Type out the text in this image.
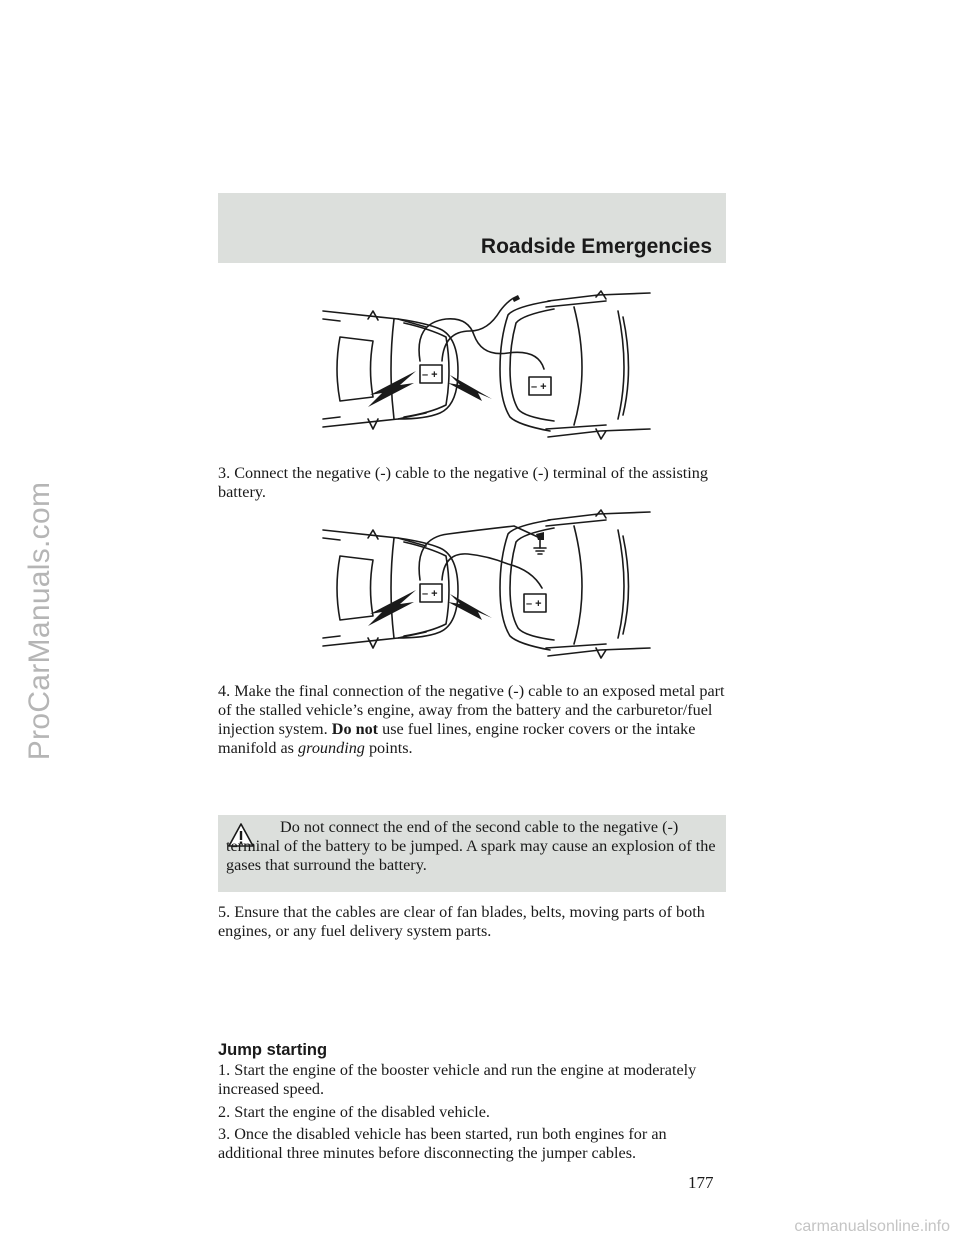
ProCarManuals.com
Roadside Emergencies
– +
– +

3. Connect the negative (-) cable to the negative (-) terminal of the assisting battery.

– +
– +

4. Make the final connection of the negative (-) cable to an exposed metal part of the stalled vehicle’s engine, away from the battery and the carburetor/fuel injection system. Do not use fuel lines, engine rocker covers or the intake manifold as grounding points.

Do not connect the end of the second cable to the negative (-) terminal of the battery to be jumped. A spark may cause an explosion of the gases that surround the battery.

5. Ensure that the cables are clear of fan blades, belts, moving parts of both engines, or any fuel delivery system parts.

Jump starting

1. Start the engine of the booster vehicle and run the engine at moderately increased speed.

2. Start the engine of the disabled vehicle.

3. Once the disabled vehicle has been started, run both engines for an additional three minutes before disconnecting the jumper cables.

177

carmanualsonline.info
